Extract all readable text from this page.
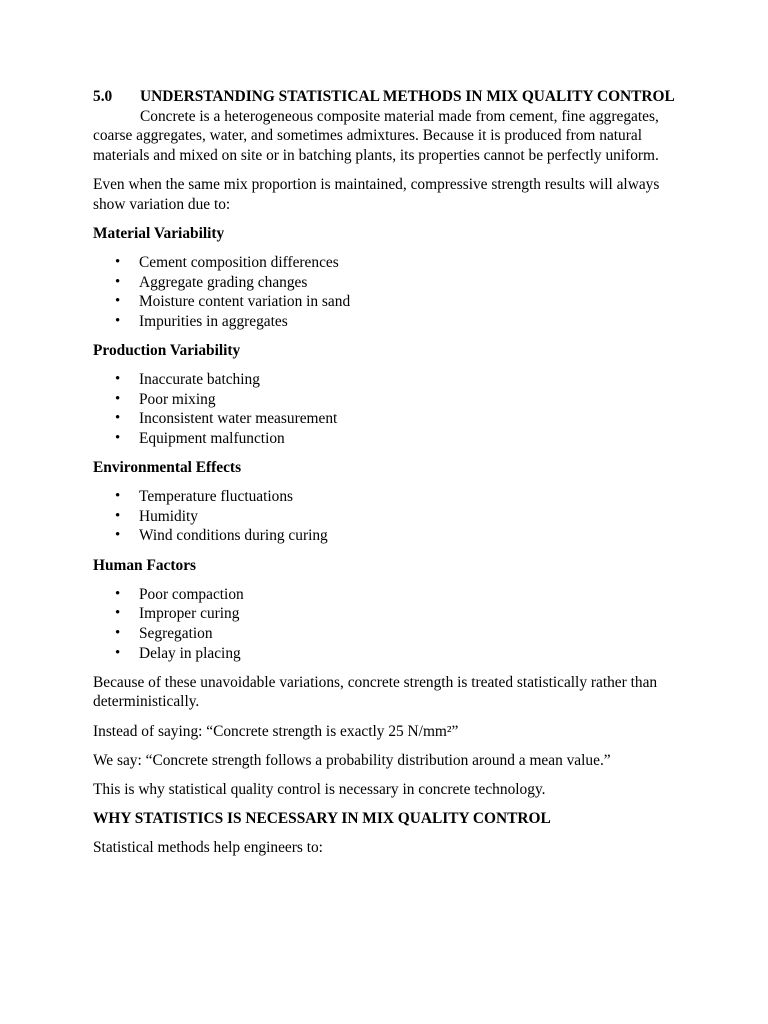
5.0 UNDERSTANDING STATISTICAL METHODS IN MIX QUALITY CONTROL

Concrete is a heterogeneous composite material made from cement, fine aggregates, coarse aggregates, water, and sometimes admixtures. Because it is produced from natural materials and mixed on site or in batching plants, its properties cannot be perfectly uniform.

Even when the same mix proportion is maintained, compressive strength results will always show variation due to:

Material Variability
• Cement composition differences
• Aggregate grading changes
• Moisture content variation in sand
• Impurities in aggregates
Production Variability
• Inaccurate batching
• Poor mixing
• Inconsistent water measurement
• Equipment malfunction
Environmental Effects
• Temperature fluctuations
• Humidity
• Wind conditions during curing
Human Factors
• Poor compaction
• Improper curing
• Segregation
• Delay in placing

Because of these unavoidable variations, concrete strength is treated statistically rather than deterministically.

Instead of saying: “Concrete strength is exactly 25 N/mm²”

We say: “Concrete strength follows a probability distribution around a mean value.”

This is why statistical quality control is necessary in concrete technology.

WHY STATISTICS IS NECESSARY IN MIX QUALITY CONTROL

Statistical methods help engineers to:
